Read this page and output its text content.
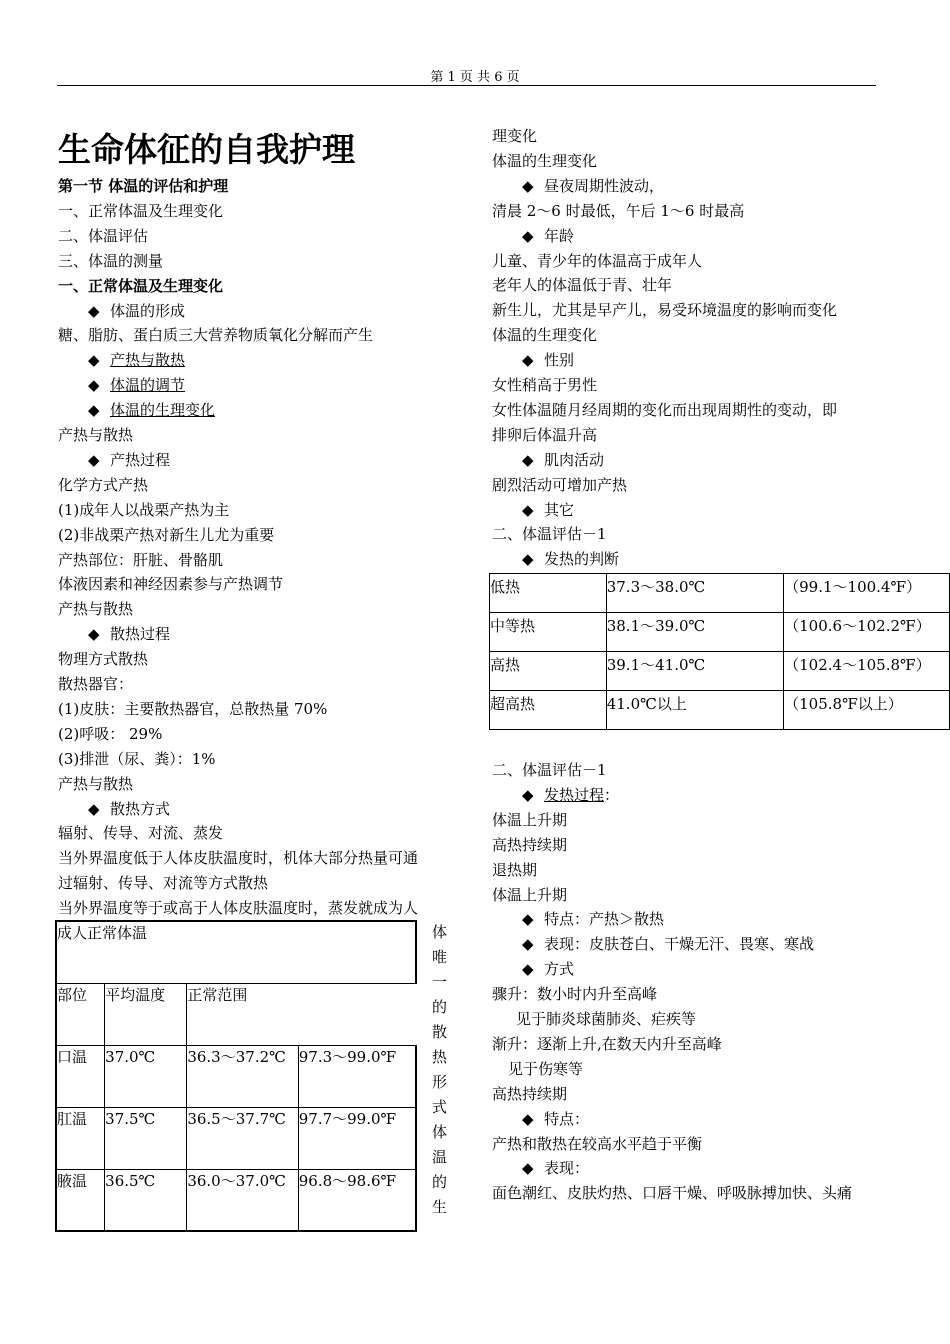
第 1 页 共 6 页
生命体征的自我护理
成人正常体温			
部位	平均温度	正常范围	
口温	37.0℃	36.3～37.2℃	97.3～99.0℉
肛温	37.5℃	36.5～37.7℃	97.7～99.0℉
腋温	36.5℃	36.0～37.0℃	96.8～98.6℉
体
唯
一
的
散
热
形
式
体
温
的
生
低热	37.3～38.0℃	（99.1～100.4℉）
中等热	38.1～39.0℃	（100.6～102.2℉）
高热	39.1～41.0℃	（102.4～105.8℉）
超高热	41.0℃以上	（105.8℉以上）
第一节 体温的评估和护理
一、正常体温及生理变化
二、体温评估
三、体温的测量
一、正常体温及生理变化
◆ 体温的形成
糖、脂肪、蛋白质三大营养物质氧化分解而产生
◆ 产热与散热
◆ 体温的调节
◆ 体温的生理变化
产热与散热
◆ 产热过程
化学方式产热
(1)成年人以战栗产热为主
(2)非战栗产热对新生儿尤为重要
产热部位：肝脏、骨骼肌
体液因素和神经因素参与产热调节
产热与散热
◆ 散热过程
物理方式散热
散热器官：
(1)皮肤：主要散热器官，总散热量 70%
(2)呼吸： 29%
(3)排泄（尿、粪）：1%
产热与散热
◆ 散热方式
辐射、传导、对流、蒸发
当外界温度低于人体皮肤温度时，机体大部分热量可通
过辐射、传导、对流等方式散热
当外界温度等于或高于人体皮肤温度时，蒸发就成为人
理变化
体温的生理变化
◆ 昼夜周期性波动，
清晨 2～6 时最低，午后 1～6 时最高
◆ 年龄
儿童、青少年的体温高于成年人
老年人的体温低于青、壮年
新生儿，尤其是早产儿，易受环境温度的影响而变化
体温的生理变化
◆ 性别
女性稍高于男性
女性体温随月经周期的变化而出现周期性的变动，即
排卵后体温升高
◆ 肌肉活动
剧烈活动可增加产热
◆ 其它
二、体温评估－1
◆ 发热的判断
二、体温评估－1
◆ 发热过程：
体温上升期
高热持续期
退热期
体温上升期
◆ 特点：产热＞散热
◆ 表现：皮肤苍白、干燥无汗、畏寒、寒战
◆ 方式
骤升：数小时内升至高峰
见于肺炎球菌肺炎、疟疾等
渐升：逐渐上升,在数天内升至高峰
见于伤寒等
高热持续期
◆ 特点：
产热和散热在较高水平趋于平衡
◆ 表现：
面色潮红、皮肤灼热、口唇干燥、呼吸脉搏加快、头痛
